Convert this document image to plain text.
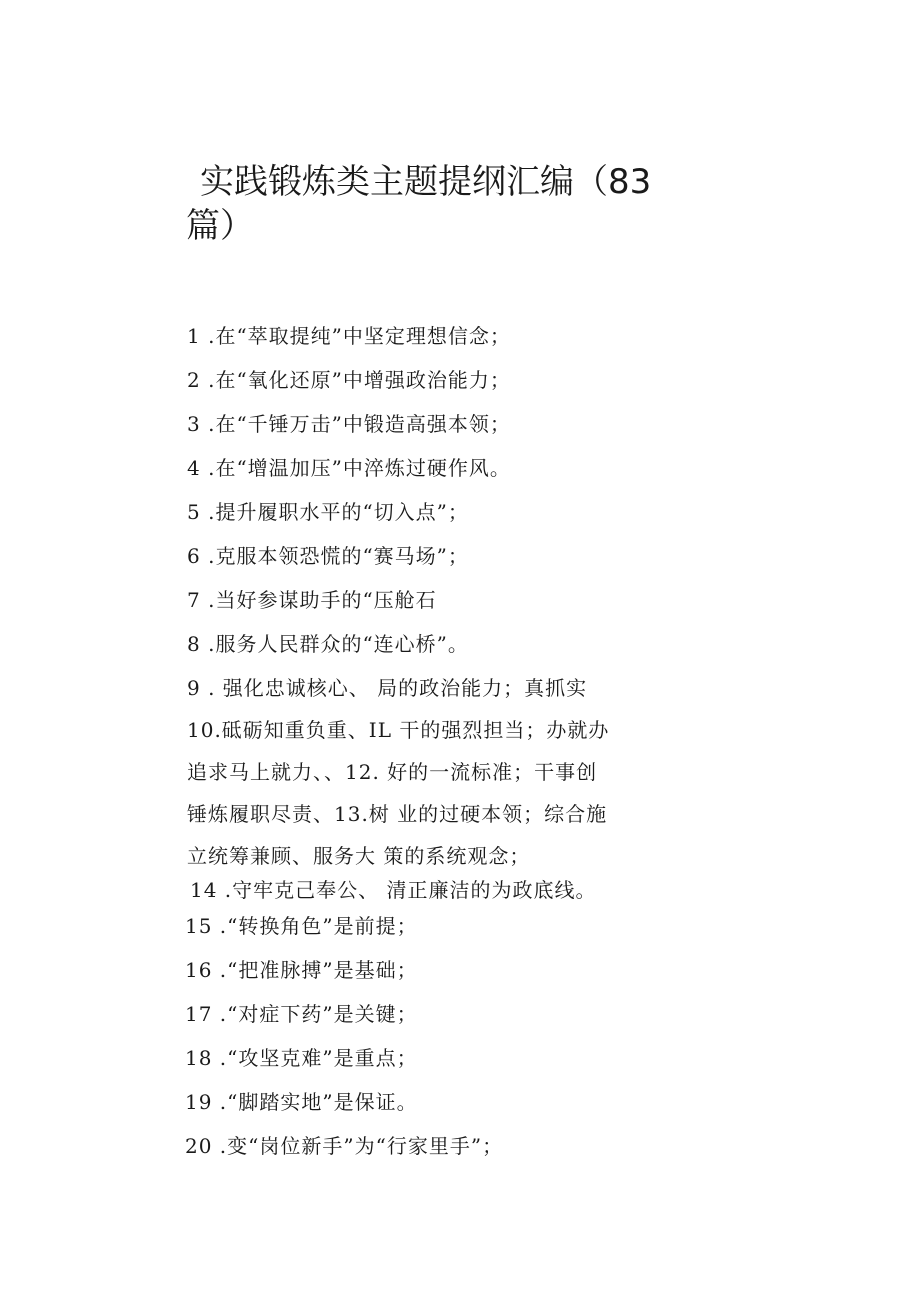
实践锻炼类主题提纲汇编（83
篇）
1 .在“萃取提纯”中坚定理想信念；
2 .在“氧化还原”中增强政治能力；
3 .在“千锤万击”中锻造高强本领；
4 .在“增温加压”中淬炼过硬作风。
5 .提升履职水平的“切入点”；
6 .克服本领恐慌的“赛马场”；
7 .当好参谋助手的“压舱石
8 .服务人民群众的“连心桥”。
9 . 强化忠诚核心、 局的政治能力；真抓实
10.砥砺知重负重、IL 干的强烈担当；办就办
追求马上就力、、12. 好的一流标准；干事创
锤炼履职尽责、13.树 业的过硬本领；综合施
立统筹兼顾、服务大 策的系统观念；
14 .守牢克己奉公、 清正廉洁的为政底线。
15 .“转换角色”是前提；
16 .“把准脉搏”是基础；
17 .“对症下药”是关键；
18 .“攻坚克难”是重点；
19 .“脚踏实地”是保证。
20 .变“岗位新手”为“行家里手”；
